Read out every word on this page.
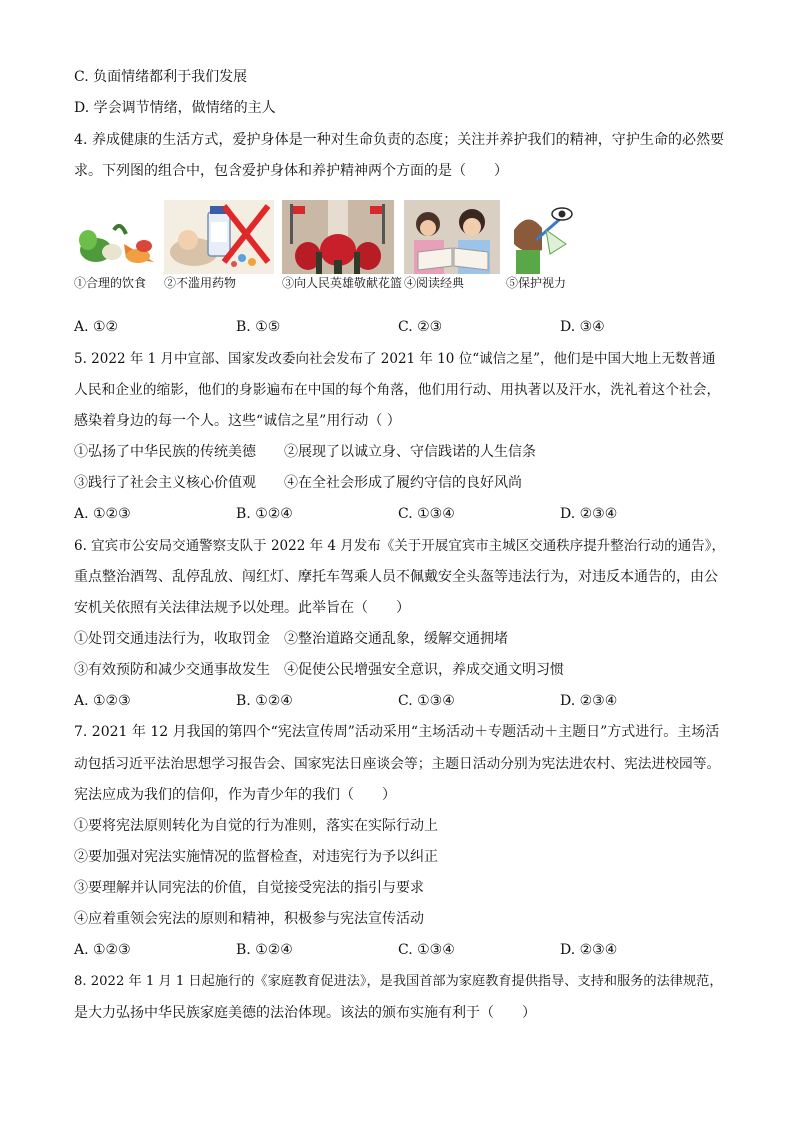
C. 负面情绪都利于我们发展
D. 学会调节情绪，做情绪的主人
4. 养成健康的生活方式，爱护身体是一种对生命负责的态度；关注并养护我们的精神，守护生命的必然要
求。下列图的组合中，包含爱护身体和养护精神两个方面的是（　　）
①合理的饮食 ②不滥用药物	③向人民英雄敬献花篮 ④阅读经典	⑤保护视力
A. ①②	B. ①⑤	C. ②③	D. ③④
5. 2022 年 1 月中宣部、国家发改委向社会发布了 2021 年 10 位“诚信之星”，他们是中国大地上无数普通
人民和企业的缩影，他们的身影遍布在中国的每个角落，他们用行动、用执著以及汗水，洗礼着这个社会，
感染着身边的每一个人。这些“诚信之星”用行动（ ）
①弘扬了中华民族的传统美德　　②展现了以诚立身、守信践诺的人生信条
③践行了社会主义核心价值观　　④在全社会形成了履约守信的良好风尚
A. ①②③	B. ①②④	C. ①③④	D. ②③④
6. 宜宾市公安局交通警察支队于 2022 年 4 月发布《关于开展宜宾市主城区交通秩序提升整治行动的通告》，
重点整治酒驾、乱停乱放、闯红灯、摩托车驾乘人员不佩戴安全头盔等违法行为，对违反本通告的，由公
安机关依照有关法律法规予以处理。此举旨在（　　）
①处罚交通违法行为，收取罚金　②整治道路交通乱象，缓解交通拥堵
③有效预防和减少交通事故发生　④促使公民增强安全意识，养成交通文明习惯
A. ①②③	B. ①②④	C. ①③④	D. ②③④
7. 2021 年 12 月我国的第四个“宪法宣传周”活动采用“主场活动＋专题活动＋主题日”方式进行。主场活
动包括习近平法治思想学习报告会、国家宪法日座谈会等；主题日活动分别为宪法进农村、宪法进校园等。
宪法应成为我们的信仰，作为青少年的我们（　　）
①要将宪法原则转化为自觉的行为准则，落实在实际行动上
②要加强对宪法实施情况的监督检查，对违宪行为予以纠正
③要理解并认同宪法的价值，自觉接受宪法的指引与要求
④应着重领会宪法的原则和精神，积极参与宪法宣传活动
A. ①②③	B. ①②④	C. ①③④	D. ②③④
8. 2022 年 1 月 1 日起施行的《家庭教育促进法》，是我国首部为家庭教育提供指导、支持和服务的法律规范，
是大力弘扬中华民族家庭美德的法治体现。该法的颁布实施有利于（　　）
